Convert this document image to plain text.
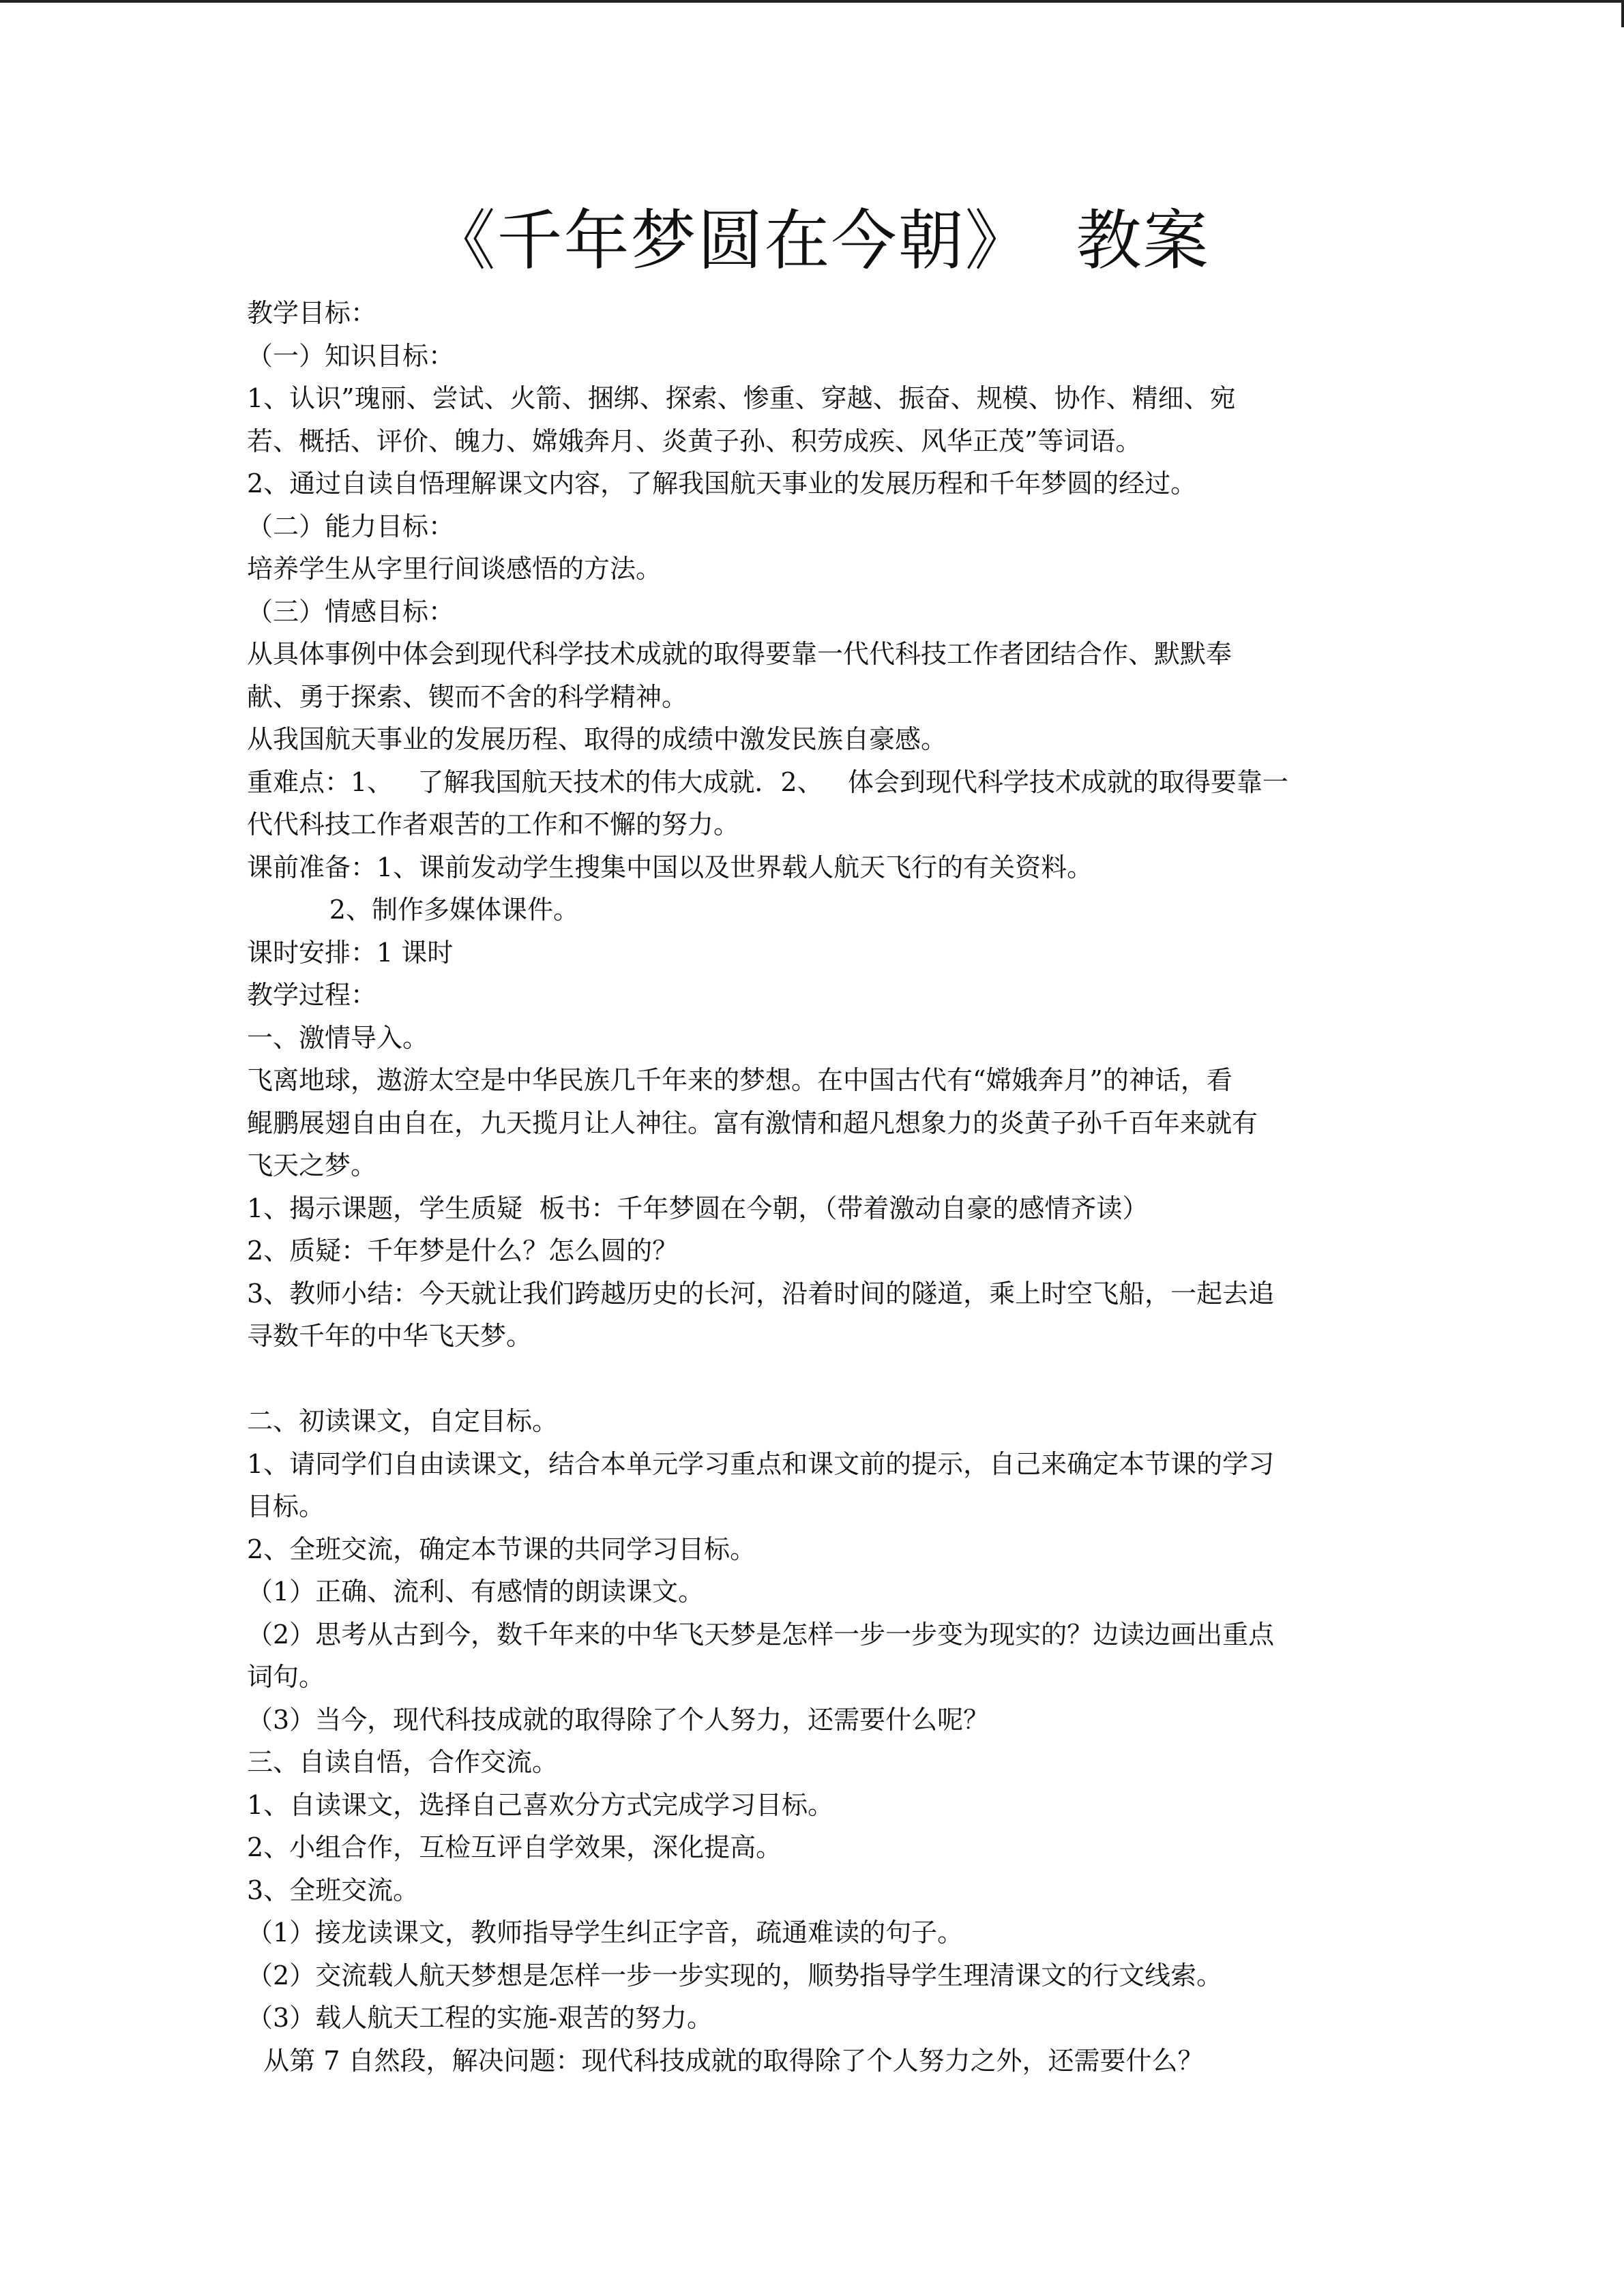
《千年梦圆在今朝》  教案
教学目标：
（一）知识目标：
1、认识”瑰丽、尝试、火箭、捆绑、探索、惨重、穿越、振奋、规模、协作、精细、宛
若、概括、评价、魄力、嫦娥奔月、炎黄子孙、积劳成疾、风华正茂”等词语。
2、通过自读自悟理解课文内容，了解我国航天事业的发展历程和千年梦圆的经过。
（二）能力目标：
培养学生从字里行间谈感悟的方法。
（三）情感目标：
从具体事例中体会到现代科学技术成就的取得要靠一代代科技工作者团结合作、默默奉
献、勇于探索、锲而不舍的科学精神。
从我国航天事业的发展历程、取得的成绩中激发民族自豪感。
重难点：1、   了解我国航天技术的伟大成就．2、   体会到现代科学技术成就的取得要靠一
代代科技工作者艰苦的工作和不懈的努力。
课前准备：1、课前发动学生搜集中国以及世界载人航天飞行的有关资料。
2、制作多媒体课件。
课时安排：1 课时
教学过程：
一、激情导入。
飞离地球，遨游太空是中华民族几千年来的梦想。在中国古代有“嫦娥奔月”的神话，看
鲲鹏展翅自由自在，九天揽月让人神往。富有激情和超凡想象力的炎黄子孙千百年来就有
飞天之梦。
1、揭示课题，学生质疑  板书：千年梦圆在今朝，（带着激动自豪的感情齐读）
2、质疑：千年梦是什么？怎么圆的？
3、教师小结：今天就让我们跨越历史的长河，沿着时间的隧道，乘上时空飞船，一起去追
寻数千年的中华飞天梦。
二、初读课文，自定目标。
1、请同学们自由读课文，结合本单元学习重点和课文前的提示，自己来确定本节课的学习
目标。
2、全班交流，确定本节课的共同学习目标。
（1）正确、流利、有感情的朗读课文。
（2）思考从古到今，数千年来的中华飞天梦是怎样一步一步变为现实的？边读边画出重点
词句。
（3）当今，现代科技成就的取得除了个人努力，还需要什么呢？
三、自读自悟，合作交流。
1、自读课文，选择自己喜欢分方式完成学习目标。
2、小组合作，互检互评自学效果，深化提高。
3、全班交流。
（1）接龙读课文，教师指导学生纠正字音，疏通难读的句子。
（2）交流载人航天梦想是怎样一步一步实现的，顺势指导学生理清课文的行文线索。
（3）载人航天工程的实施-艰苦的努力。
从第 7 自然段，解决问题：现代科技成就的取得除了个人努力之外，还需要什么？
